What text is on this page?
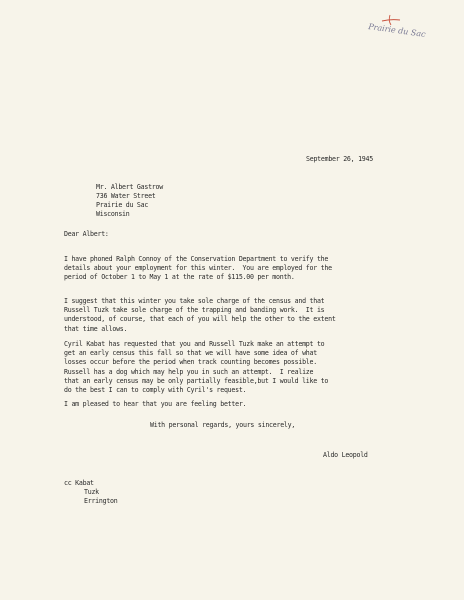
Prairie du Sac
September 26, 1945
Mr. Albert Gastrow
736 Water Street
Prairie du Sac
Wisconsin
Dear Albert:
I have phoned Ralph Connoy of the Conservation Department to verify the
details about your employment for this winter.  You are employed for the
period of October 1 to May 1 at the rate of $115.00 per month.
I suggest that this winter you take sole charge of the census and that
Russell Tuzk take sole charge of the trapping and banding work.  It is
understood, of course, that each of you will help the other to the extent
that time allows.
Cyril Kabat has requested that you and Russell Tuzk make an attempt to
get an early census this fall so that we will have some idea of what
losses occur before the period when track counting becomes possible.
Russell has a dog which may help you in such an attempt.  I realize
that an early census may be only partially feasible,but I would like to
do the best I can to comply with Cyril's request.
I am pleased to hear that you are feeling better.
With personal regards, yours sincerely,
Aldo Leopold
cc Kabat
Tuzk
Errington
